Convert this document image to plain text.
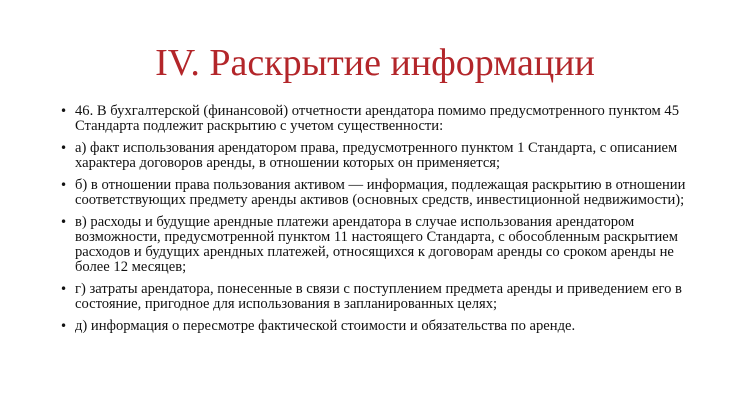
IV. Раскрытие информации
• 46. В бухгалтерской (финансовой) отчетности арендатора помимо предусмотренного пунктом 45 Стандарта подлежит раскрытию с учетом существенности:
• а) факт использования арендатором права, предусмотренного пунктом 1 Стандарта, с описанием характера договоров аренды, в отношении которых он применяется;
• б) в отношении права пользования активом — информация, подлежащая раскрытию в отношении соответствующих предмету аренды активов (основных средств, инвестиционной недвижимости);
• в) расходы и будущие арендные платежи арендатора в случае использования арендатором возможности, предусмотренной пунктом 11 настоящего Стандарта, с обособленным раскрытием расходов и будущих арендных платежей, относящихся к договорам аренды со сроком аренды не более 12 месяцев;
• г) затраты арендатора, понесенные в связи с поступлением предмета аренды и приведением его в состояние, пригодное для использования в запланированных целях;
• д) информация о пересмотре фактической стоимости и обязательства по аренде.
